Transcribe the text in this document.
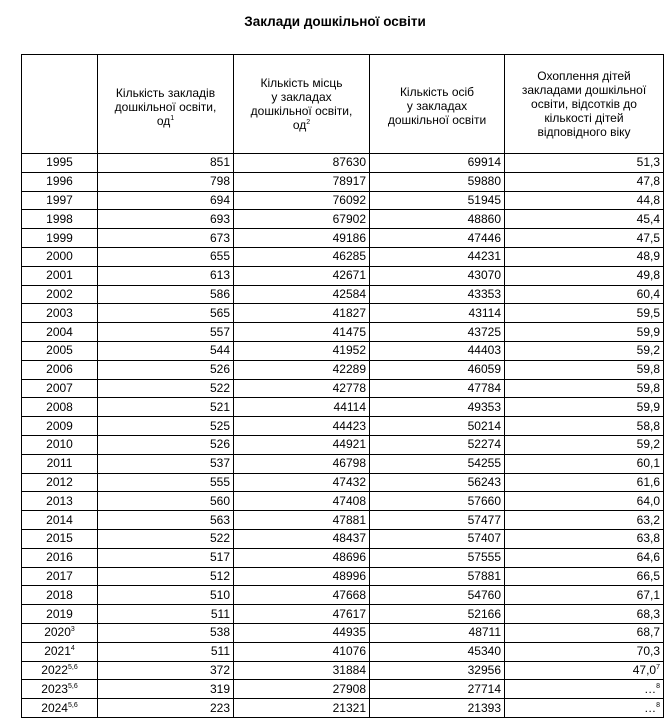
Заклади дошкільної освіти
	Кількість закладів
дошкільної освіти,
$од^1$	Кількість місць
у закладах
дошкільної освіти,
$од^2$	Кількість осіб
у закладах
дошкільної освіти	Охоплення дітей
закладами дошкільної
освіти, відсотків до
кількості дітей
відповідного віку
1995	851	87630	69914	51,3
1996	798	78917	59880	47,8
1997	694	76092	51945	44,8
1998	693	67902	48860	45,4
1999	673	49186	47446	47,5
2000	655	46285	44231	48,9
2001	613	42671	43070	49,8
2002	586	42584	43353	60,4
2003	565	41827	43114	59,5
2004	557	41475	43725	59,9
2005	544	41952	44403	59,2
2006	526	42289	46059	59,8
2007	522	42778	47784	59,8
2008	521	44114	49353	59,9
2009	525	44423	50214	58,8
2010	526	44921	52274	59,2
2011	537	46798	54255	60,1
2012	555	47432	56243	61,6
2013	560	47408	57660	64,0
2014	563	47881	57477	63,2
2015	522	48437	57407	63,8
2016	517	48696	57555	64,6
2017	512	48996	57881	66,5
2018	510	47668	54760	67,1
2019	511	47617	52166	68,3
2020$^3$	538	44935	48711	68,7
2021$^4$	511	41076	45340	70,3
2022$^{5,6}$	372	31884	32956	47,0$^7$
2023$^{5,6}$	319	27908	27714	…$^8$
2024$^{5,6}$	223	21321	21393	…$^8$
